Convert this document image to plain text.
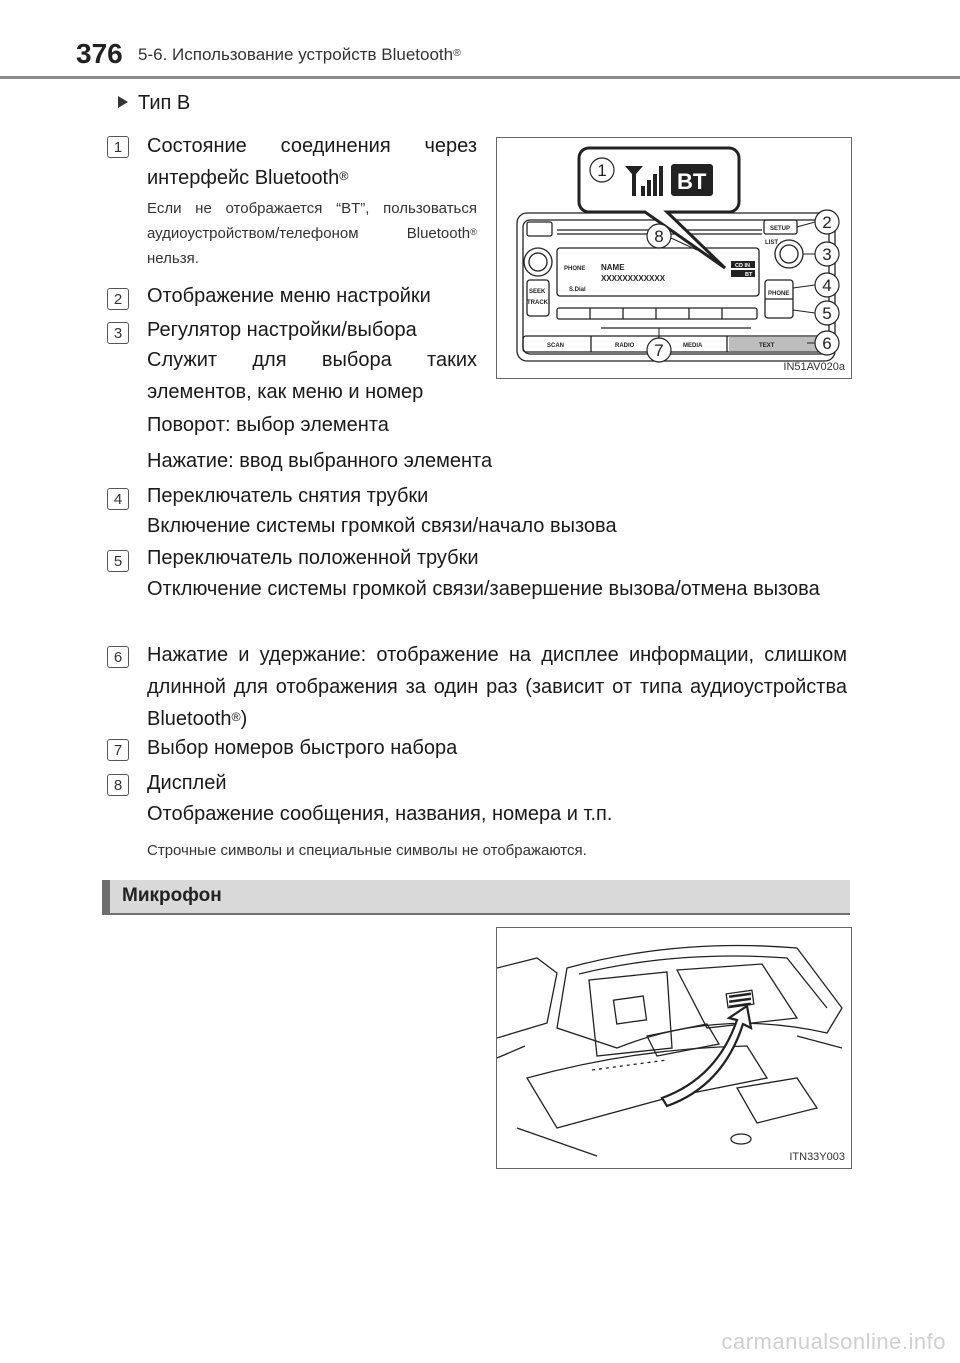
376 5-6. Использование устройств Bluetooth®
Тип B
1	Состояние соединения через интерфейс Bluetooth®
Если не отображается “BT”, пользоваться аудиоустройством/телефоном Bluetooth® нельзя.
2	Отображение меню настройки
3	Регулятор настройки/выбора
Служит для выбора таких элементов, как меню и номер
Поворот: выбор элемента
Нажатие: ввод выбранного элемента
4	Переключатель снятия трубки
Включение системы громкой связи/начало вызова
5	Переключатель положенной трубки
Отключение системы громкой связи/завершение вызова/отмена вызова
6	Нажатие и удержание: отображение на дисплее информации, слишком длинной для отображения за один раз (зависит от типа аудиоустройства Bluetooth®)
7	Выбор номеров быстрого набора
8	Дисплей
Отображение сообщения, названия, номера и т.п.
Строчные символы и специальные символы не отображаются.
SETUP
LIST
SEEK
TRACK
PHONE
SCAN	RADIO	MEDIA	TEXT
PHONE NAME
XXXXXXXXXXXX
S.Dial
CD IN
BT
BT
1
2
3
4
5
6
7
8
IN51AV020a
Микрофон
ITN33Y003
carmanualsonline.info
